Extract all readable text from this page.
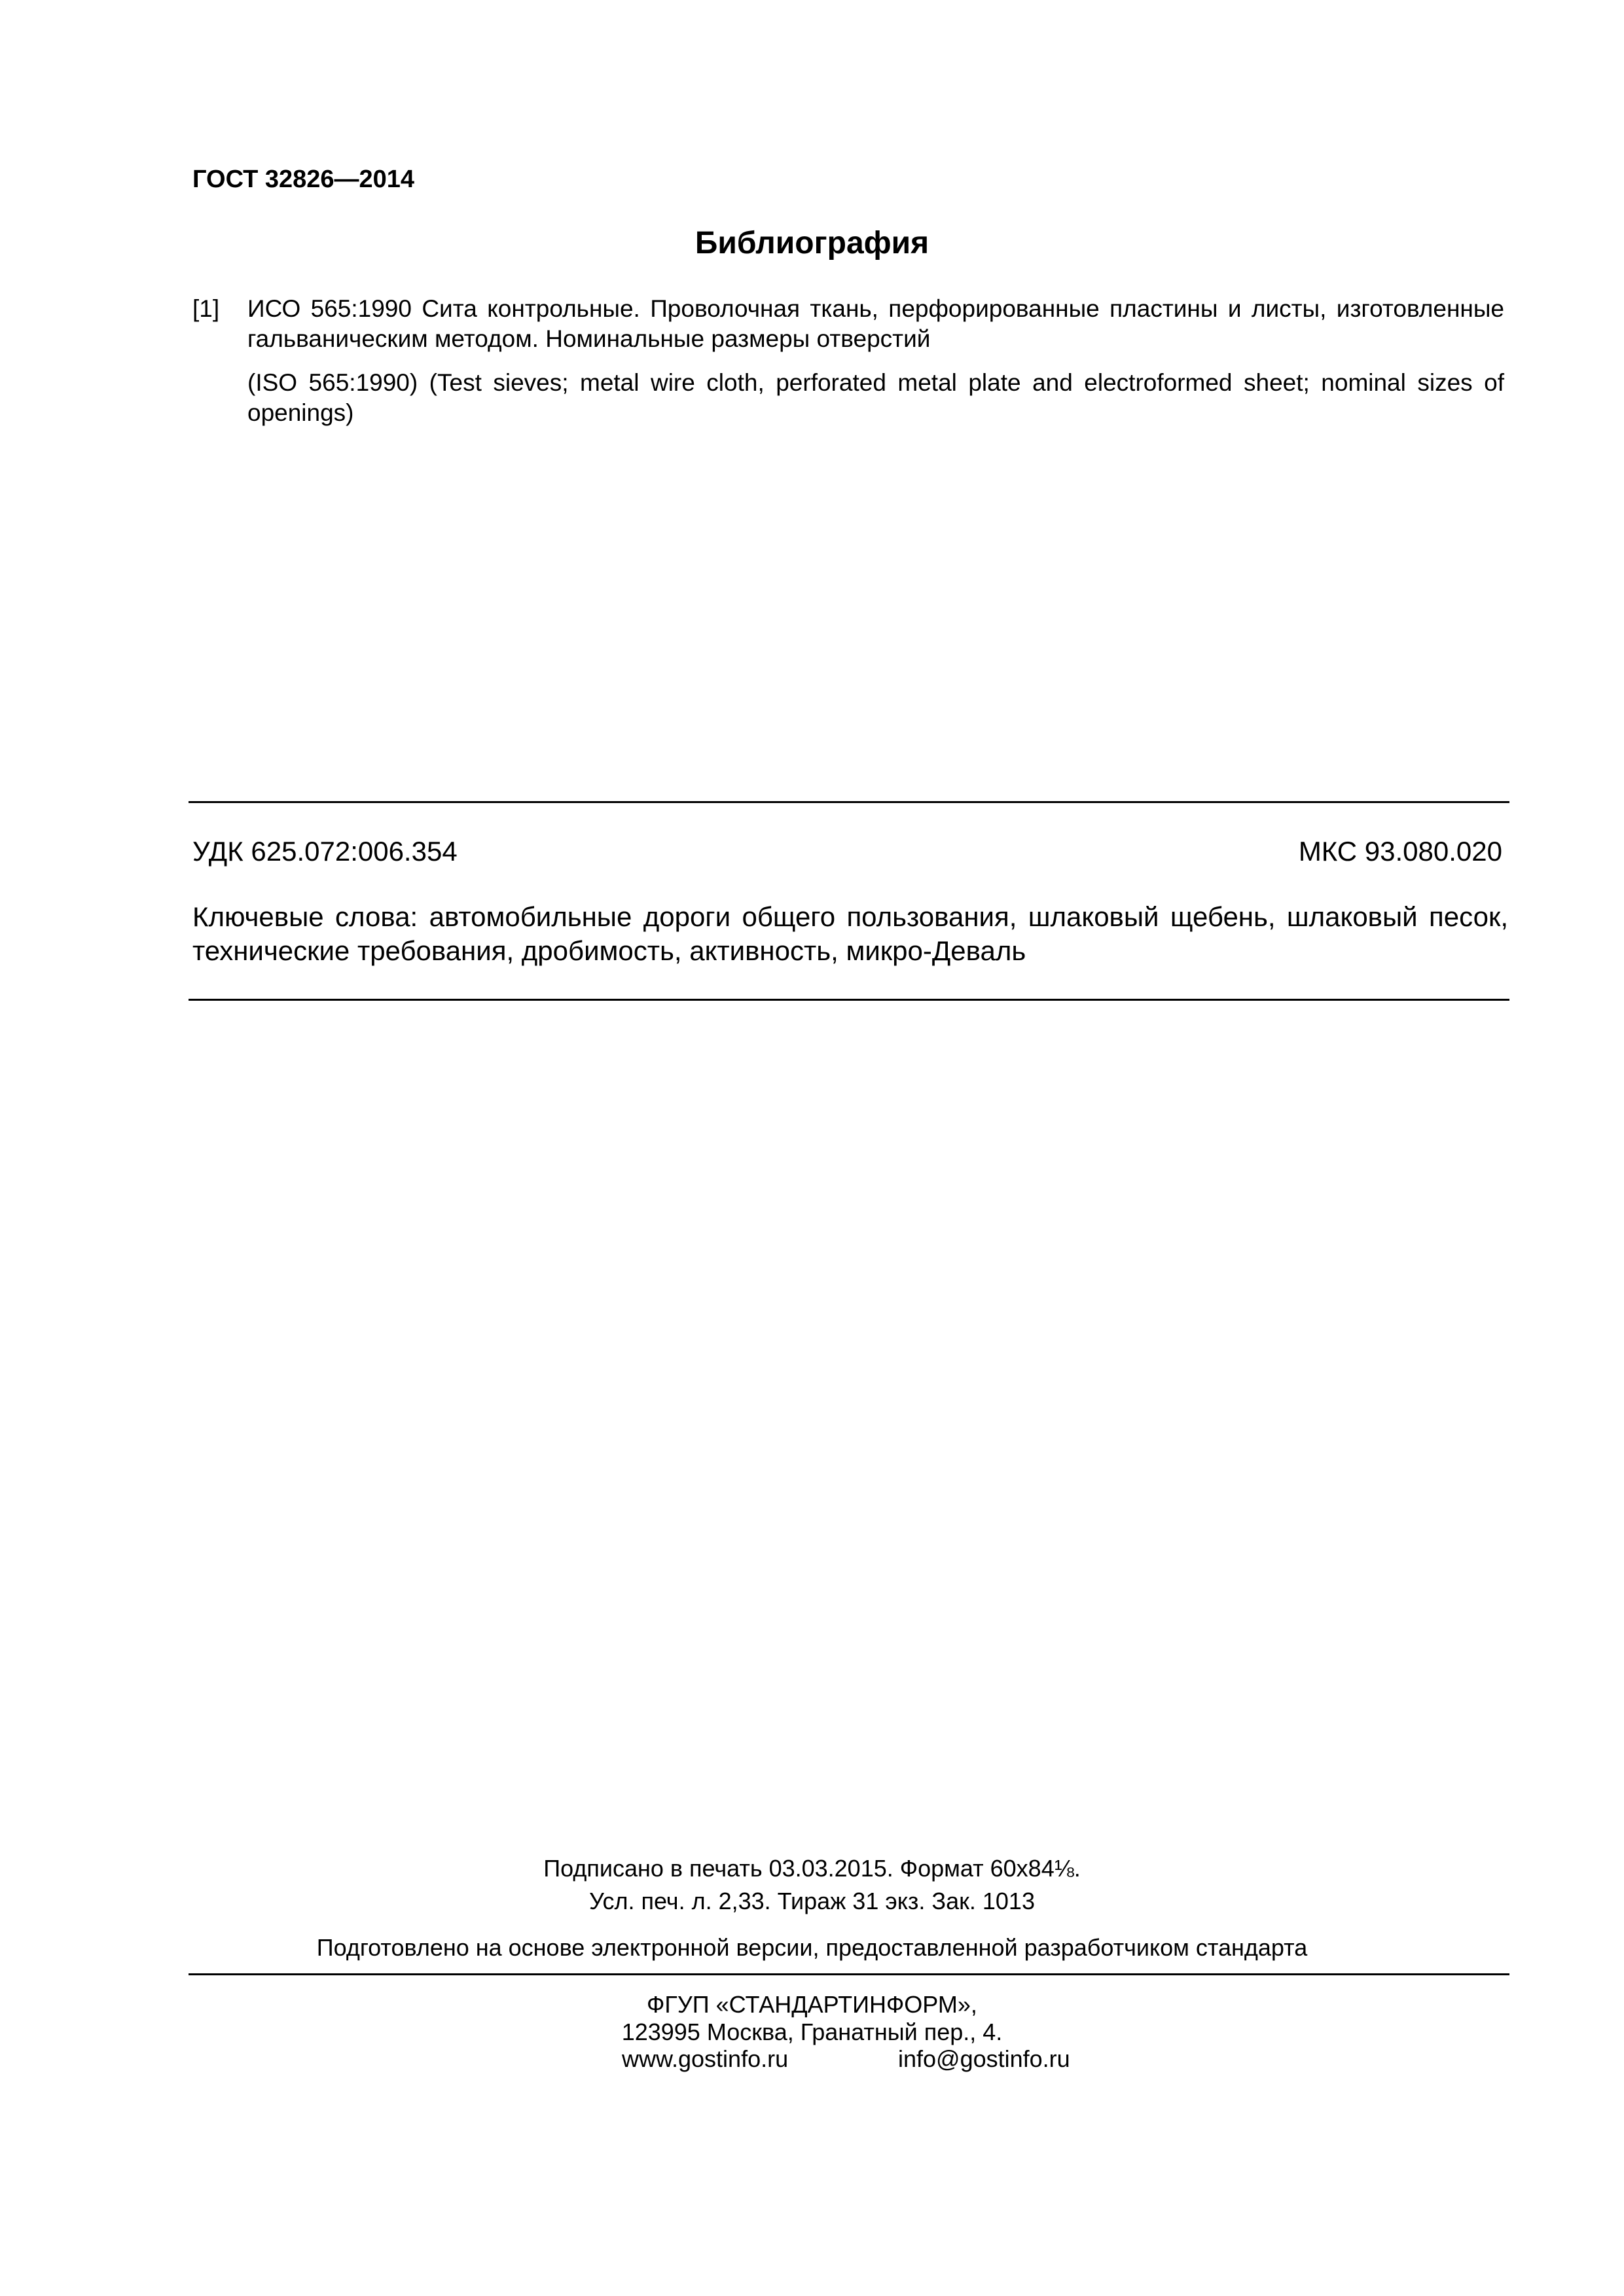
ГОСТ 32826—2014
Библиография
[1] ИСО 565:1990 Сита контрольные. Проволочная ткань, перфорированные пластины и листы, изготовленные гальваническим методом. Номинальные размеры отверстий
(ISO 565:1990) (Test sieves; metal wire cloth, perforated metal plate and electroformed sheet; nominal sizes of openings)
УДК 625.072:006.354	МКС 93.080.020
Ключевые слова: автомобильные дороги общего пользования, шлаковый щебень, шлаковый песок, технические требования, дробимость, активность, микро-Деваль
Подписано в печать 03.03.2015. Формат 60x84⅛.
Усл. печ. л. 2,33. Тираж 31 экз. Зак. 1013
Подготовлено на основе электронной версии, предоставленной разработчиком стандарта
ФГУП «СТАНДАРТИНФОРМ»,
123995 Москва, Гранатный пер., 4.
www.gostinfo.ru	info@gostinfo.ru
